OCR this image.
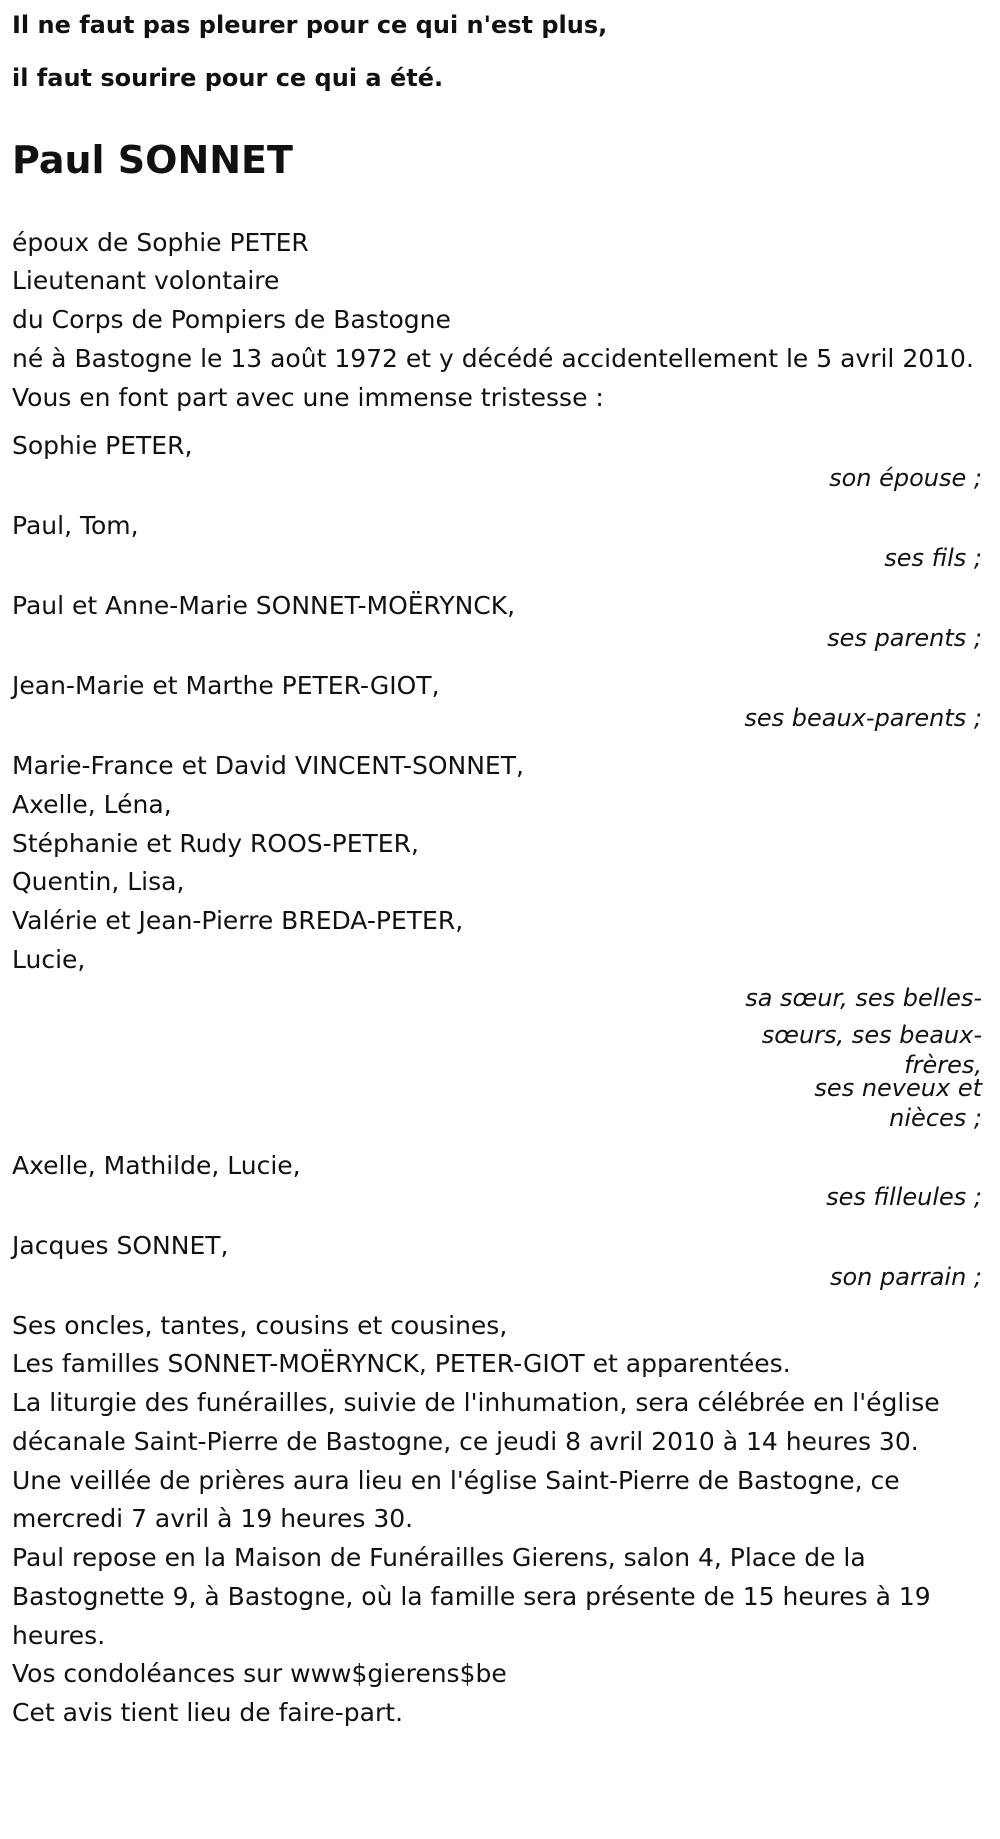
Il ne faut pas pleurer pour ce qui n'est plus,

il faut sourire pour ce qui a été.

Paul SONNET

époux de Sophie PETER

Lieutenant volontaire

du Corps de Pompiers de Bastogne

né à Bastogne le 13 août 1972 et y décédé accidentellement le 5 avril 2010.

Vous en font part avec une immense tristesse :

Sophie PETER,

son épouse ;

Paul, Tom,

ses fils ;

Paul et Anne-Marie SONNET-MOËRYNCK,

ses parents ;

Jean-Marie et Marthe PETER-GIOT,

ses beaux-parents ;

Marie-France et David VINCENT-SONNET,

Axelle, Léna,

Stéphanie et Rudy ROOS-PETER,

Quentin, Lisa,

Valérie et Jean-Pierre BREDA-PETER,

Lucie,

sa sœur, ses belles-
sœurs, ses beaux-
frères,
ses neveux et
nièces ;

Axelle, Mathilde, Lucie,

ses filleules ;

Jacques SONNET,

son parrain ;

Ses oncles, tantes, cousins et cousines,

Les familles SONNET-MOËRYNCK, PETER-GIOT et apparentées.

La liturgie des funérailles, suivie de l'inhumation, sera célébrée en l'église décanale Saint-Pierre de Bastogne, ce jeudi 8 avril 2010 à 14 heures 30.

Une veillée de prières aura lieu en l'église Saint-Pierre de Bastogne, ce mercredi 7 avril à 19 heures 30.

Paul repose en la Maison de Funérailles Gierens, salon 4, Place de la Bastognette 9, à Bastogne, où la famille sera présente de 15 heures à 19 heures.

Vos condoléances sur www$gierens$be

Cet avis tient lieu de faire-part.
